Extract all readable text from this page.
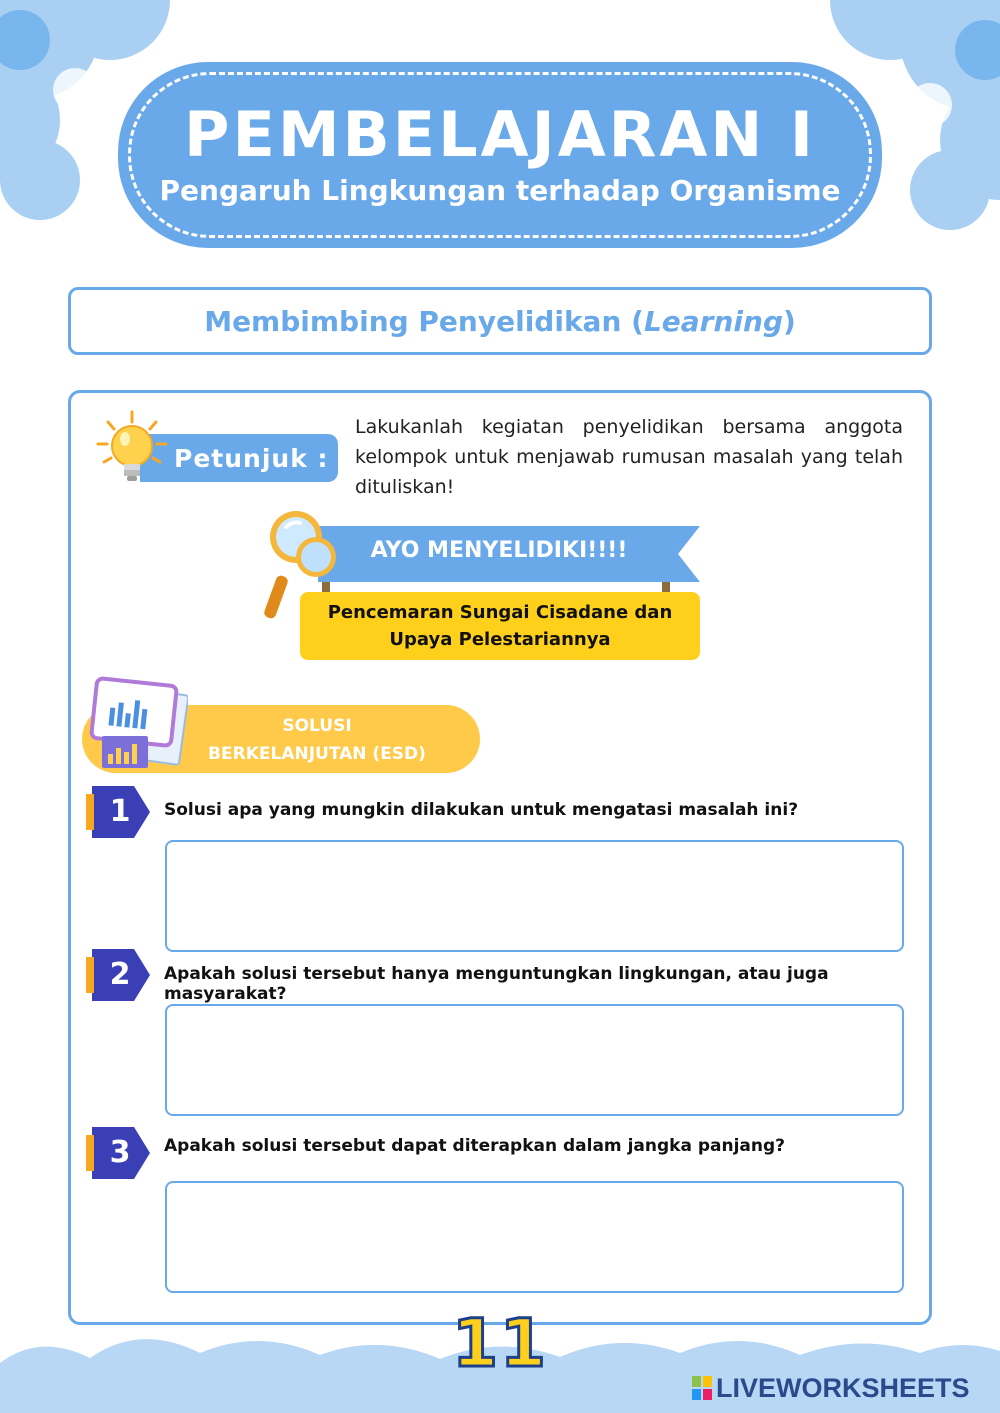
PEMBELAJARAN I
Pengaruh Lingkungan terhadap Organisme
Membimbing Penyelidikan (Learning)
Petunjuk :
Lakukanlah kegiatan penyelidikan bersama anggota kelompok untuk menjawab rumusan masalah yang telah dituliskan!
AYO MENYELIDIKI!!!!
Pencemaran Sungai Cisadane dan
Upaya Pelestariannya
SOLUSI
BERKELANJUTAN (ESD)
1	Solusi apa yang mungkin dilakukan untuk mengatasi masalah ini?
2	Apakah solusi tersebut hanya menguntungkan lingkungan, atau juga masyarakat?
3	Apakah solusi tersebut dapat diterapkan dalam jangka panjang?
11
LIVEWORKSHEETS
